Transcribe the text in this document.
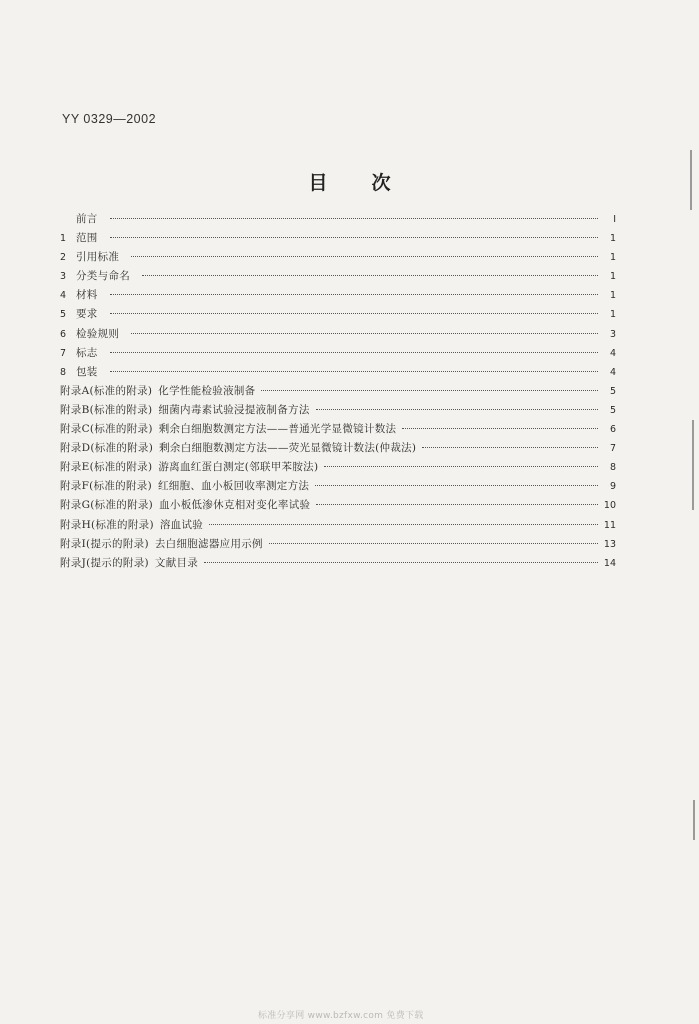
YY 0329—2002
目 次
前言	I
1 范围	1
2 引用标准	1
3 分类与命名	1
4 材料	1
5 要求	1
6 检验规则	3
7 标志	4
8 包装	4
附录A(标准的附录) 化学性能检验液制备	5
附录B(标准的附录) 细菌内毒素试验浸提液制备方法	5
附录C(标准的附录) 剩余白细胞数测定方法——普通光学显微镜计数法	6
附录D(标准的附录) 剩余白细胞数测定方法——荧光显微镜计数法(仲裁法)	7
附录E(标准的附录) 游离血红蛋白测定(邻联甲苯胺法)	8
附录F(标准的附录) 红细胞、血小板回收率测定方法	9
附录G(标准的附录) 血小板低渗休克相对变化率试验	10
附录H(标准的附录) 溶血试验	11
附录I(提示的附录) 去白细胞滤器应用示例	13
附录J(提示的附录) 文献目录	14
标准分享网 www.bzfxw.com 免费下载
